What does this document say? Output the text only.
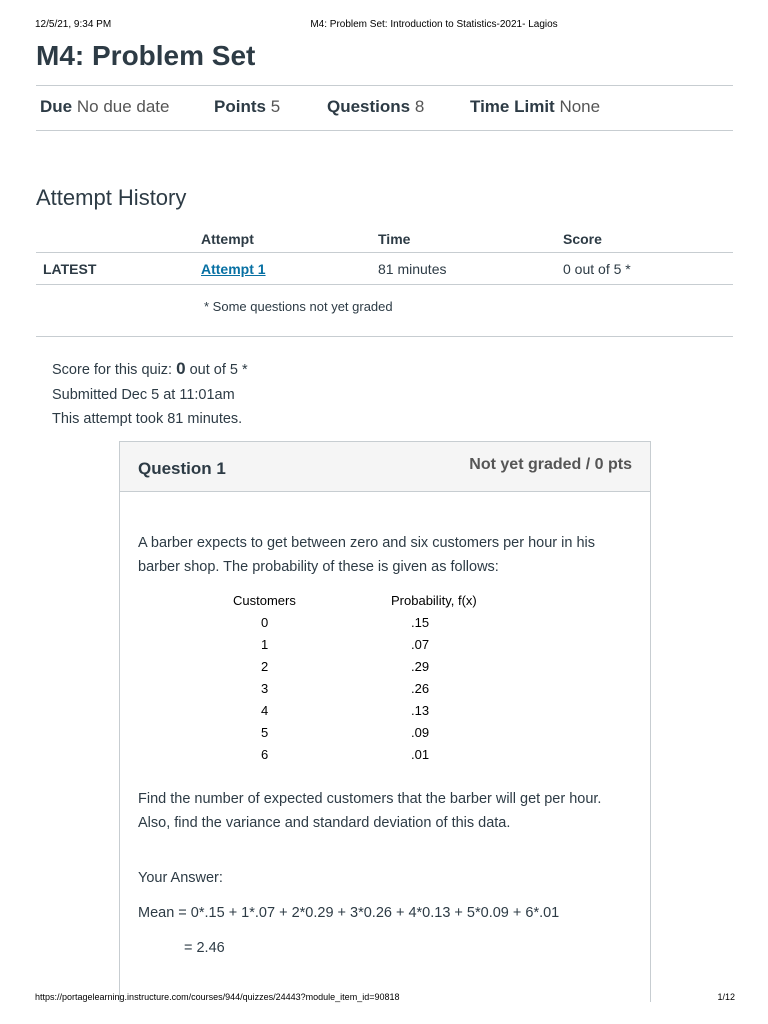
12/5/21, 9:34 PM	M4: Problem Set: Introduction to Statistics-2021- Lagios
M4: Problem Set
Due No due date	Points 5	Questions 8	Time Limit None
Attempt History
	Attempt	Time	Score
LATEST	Attempt 1	81 minutes	0 out of 5 *
* Some questions not yet graded
Score for this quiz: 0 out of 5 *
Submitted Dec 5 at 11:01am
This attempt took 81 minutes.
Question 1	Not yet graded / 0 pts

A barber expects to get between zero and six customers per hour in his barber shop. The probability of these is given as follows:

Customers	Probability, f(x)
0	.15
1	.07
2	.29
3	.26
4	.13
5	.09
6	.01

Find the number of expected customers that the barber will get per hour. Also, find the variance and standard deviation of this data.

Your Answer:
Mean = 0*.15 + 1*.07 + 2*0.29 + 3*0.26 + 4*0.13 + 5*0.09 + 6*.01
= 2.46
https://portagelearning.instructure.com/courses/944/quizzes/24443?module_item_id=90818	1/12
